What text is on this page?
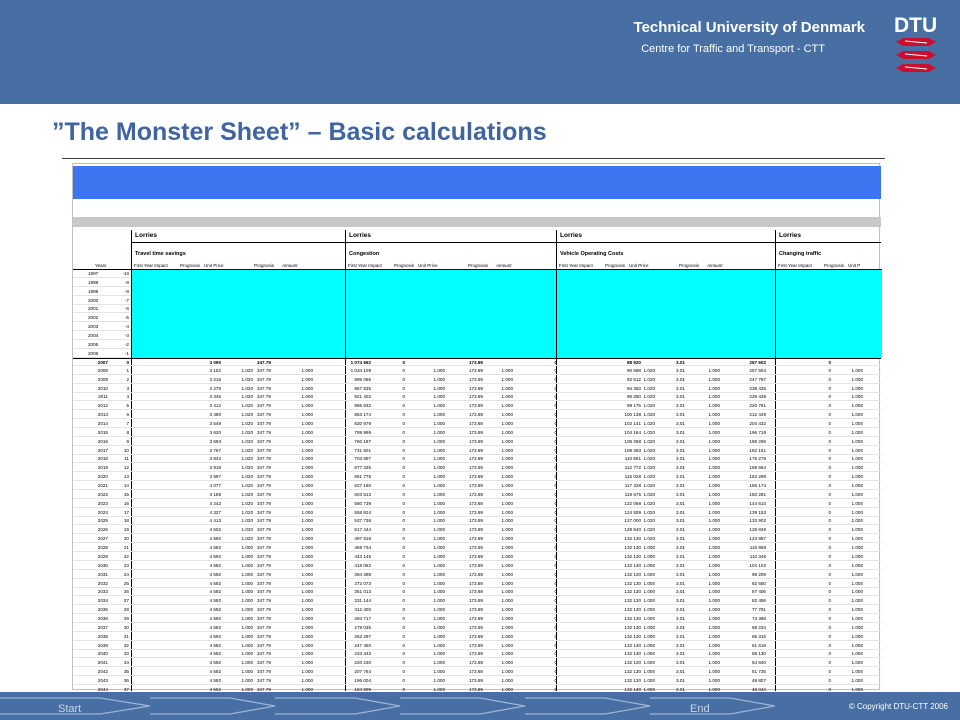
Technical University of Denmark
Centre for Traffic and Transport - CTT
DTU
”The Monster Sheet” – Basic calculations
Years
Lorries
Travel time savings
First Year Impact	Prognosis Unit Price	Prognosis Amount
Lorries
Congestion
First Year Impact	Prognosis Unit Price	Prognosis Amount
Lorries
Vehicle Operating Costs
First Year Impact	Prognosis Unit Price	Prognosis Amount
Lorries
Changing traffic
First Year Impact	Prognosis Unit P
1997	-10
1998	-9
1999	-8
2000	-7
2001	-6
2002	-5
2003	-4
2004	-3
2005	-2
2006	-1
2007	0	3 090	347.79	1 074 662	0	173.89	0	88 920	3.01	267 602	0
2008	1	3 152	1.020 347.79	1.000	1 034 109	0	1.000	173.89	1.000	0	90 698 1.020	3.01	1.000	257 504	0	1.000
2009	2	3 215	1.020 347.79	1.000	995 086	0	1.000	173.89	1.000	0	92 512 1.020	3.01	1.000	247 787	0	1.000
2010	3	3 279	1.020 347.79	1.000	957 535	0	1.000	173.89	1.000	0	94 363 1.020	3.01	1.000	238 436	0	1.000
2011	4	3 345	1.020 347.79	1.000	921 402	0	1.000	173.89	1.000	0	96 250 1.020	3.01	1.000	229 439	0	1.000
2012	5	3 412	1.020 347.79	1.000	886 632	0	1.000	173.89	1.000	0	98 175 1.020	3.01	1.000	220 781	0	1.000
2013	6	3 480	1.020 347.79	1.000	853 174	0	1.000	173.89	1.000	0	100 138 1.020	3.01	1.000	212 449	0	1.000
2014	7	3 549	1.020 347.79	1.000	820 979	0	1.000	173.89	1.000	0	102 141 1.020	3.01	1.000	204 432	0	1.000
2015	8	3 620	1.020 347.79	1.000	789 999	0	1.000	173.89	1.000	0	104 184 1.020	3.01	1.000	196 718	0	1.000
2016	9	3 693	1.020 347.79	1.000	760 187	0	1.000	173.89	1.000	0	106 268 1.020	3.01	1.000	189 295	0	1.000
2017	10	3 767	1.020 347.79	1.000	731 501	0	1.000	173.89	1.000	0	108 393 1.020	3.01	1.000	182 151	0	1.000
2018	11	3 842	1.020 347.79	1.000	703 897	0	1.000	173.89	1.000	0	110 561 1.020	3.01	1.000	175 278	0	1.000
2019	12	3 919	1.020 347.79	1.000	677 335	0	1.000	173.89	1.000	0	112 772 1.020	3.01	1.000	168 664	0	1.000
2020	13	3 997	1.020 347.79	1.000	651 775	0	1.000	173.89	1.000	0	115 028 1.020	3.01	1.000	162 299	0	1.000
2021	14	4 077	1.020 347.79	1.000	627 180	0	1.000	173.89	1.000	0	117 328 1.020	3.01	1.000	156 174	0	1.000
2022	15	4 159	1.020 347.79	1.000	603 513	0	1.000	173.89	1.000	0	119 675 1.020	3.01	1.000	150 281	0	1.000
2023	16	4 242	1.020 347.79	1.000	580 739	0	1.000	173.89	1.000	0	122 068 1.020	3.01	1.000	144 610	0	1.000
2024	17	4 327	1.020 347.79	1.000	558 824	0	1.000	173.89	1.000	0	124 509 1.020	3.01	1.000	139 153	0	1.000
2025	18	4 413	1.020 347.79	1.000	537 736	0	1.000	173.89	1.000	0	127 000 1.020	3.01	1.000	133 902	0	1.000
2026	19	4 502	1.020 347.79	1.000	517 444	0	1.000	173.89	1.000	0	129 540 1.020	3.01	1.000	128 849	0	1.000
2027	20	4 592	1.020 347.79	1.000	497 918	0	1.000	173.89	1.000	0	132 130 1.020	3.01	1.000	123 987	0	1.000
2028	21	4 592	1.000 347.79	1.000	469 734	0	1.000	173.89	1.000	0	132 130 1.000	3.01	1.000	116 969	0	1.000
2029	22	4 592	1.000 347.79	1.000	443 145	0	1.000	173.89	1.000	0	132 130 1.000	3.01	1.000	110 348	0	1.000
2030	23	4 592	1.000 347.79	1.000	418 062	0	1.000	173.89	1.000	0	132 130 1.000	3.01	1.000	104 102	0	1.000
2031	24	4 592	1.000 347.79	1.000	394 398	0	1.000	173.89	1.000	0	132 130 1.000	3.01	1.000	98 209	0	1.000
2032	25	4 592	1.000 347.79	1.000	372 073	0	1.000	173.89	1.000	0	132 130 1.000	3.01	1.000	92 650	0	1.000
2033	26	4 592	1.000 347.79	1.000	351 013	0	1.000	173.89	1.000	0	132 130 1.000	3.01	1.000	87 406	0	1.000
2034	27	4 592	1.000 347.79	1.000	331 144	0	1.000	173.89	1.000	0	132 130 1.000	3.01	1.000	82 458	0	1.000
2035	28	4 592	1.000 347.79	1.000	312 400	0	1.000	173.89	1.000	0	132 130 1.000	3.01	1.000	77 791	0	1.000
2036	29	4 592	1.000 347.79	1.000	294 717	0	1.000	173.89	1.000	0	132 130 1.000	3.01	1.000	73 388	0	1.000
2037	30	4 592	1.000 347.79	1.000	278 035	0	1.000	173.89	1.000	0	132 130 1.000	3.01	1.000	69 234	0	1.000
2038	31	4 592	1.000 347.79	1.000	262 297	0	1.000	173.89	1.000	0	132 130 1.000	3.01	1.000	65 315	0	1.000
2039	32	4 592	1.000 347.79	1.000	247 450	0	1.000	173.89	1.000	0	132 130 1.000	3.01	1.000	61 618	0	1.000
2040	33	4 592	1.000 347.79	1.000	233 443	0	1.000	173.89	1.000	0	132 130 1.000	3.01	1.000	58 130	0	1.000
2041	34	4 592	1.000 347.79	1.000	220 230	0	1.000	173.89	1.000	0	132 130 1.000	3.01	1.000	54 840	0	1.000
2042	35	4 592	1.000 347.79	1.000	207 764	0	1.000	173.89	1.000	0	132 130 1.000	3.01	1.000	51 735	0	1.000
2043	36	4 592	1.000 347.79	1.000	196 004	0	1.000	173.89	1.000	0	132 130 1.000	3.01	1.000	48 807	0	1.000
2044	37	4 592	1.000 347.79	1.000	184 909	0	1.000	173.89	1.000	0	132 130 1.000	3.01	1.000	46 044	0	1.000
Start	End	© Copyright DTU-CTT 2006
